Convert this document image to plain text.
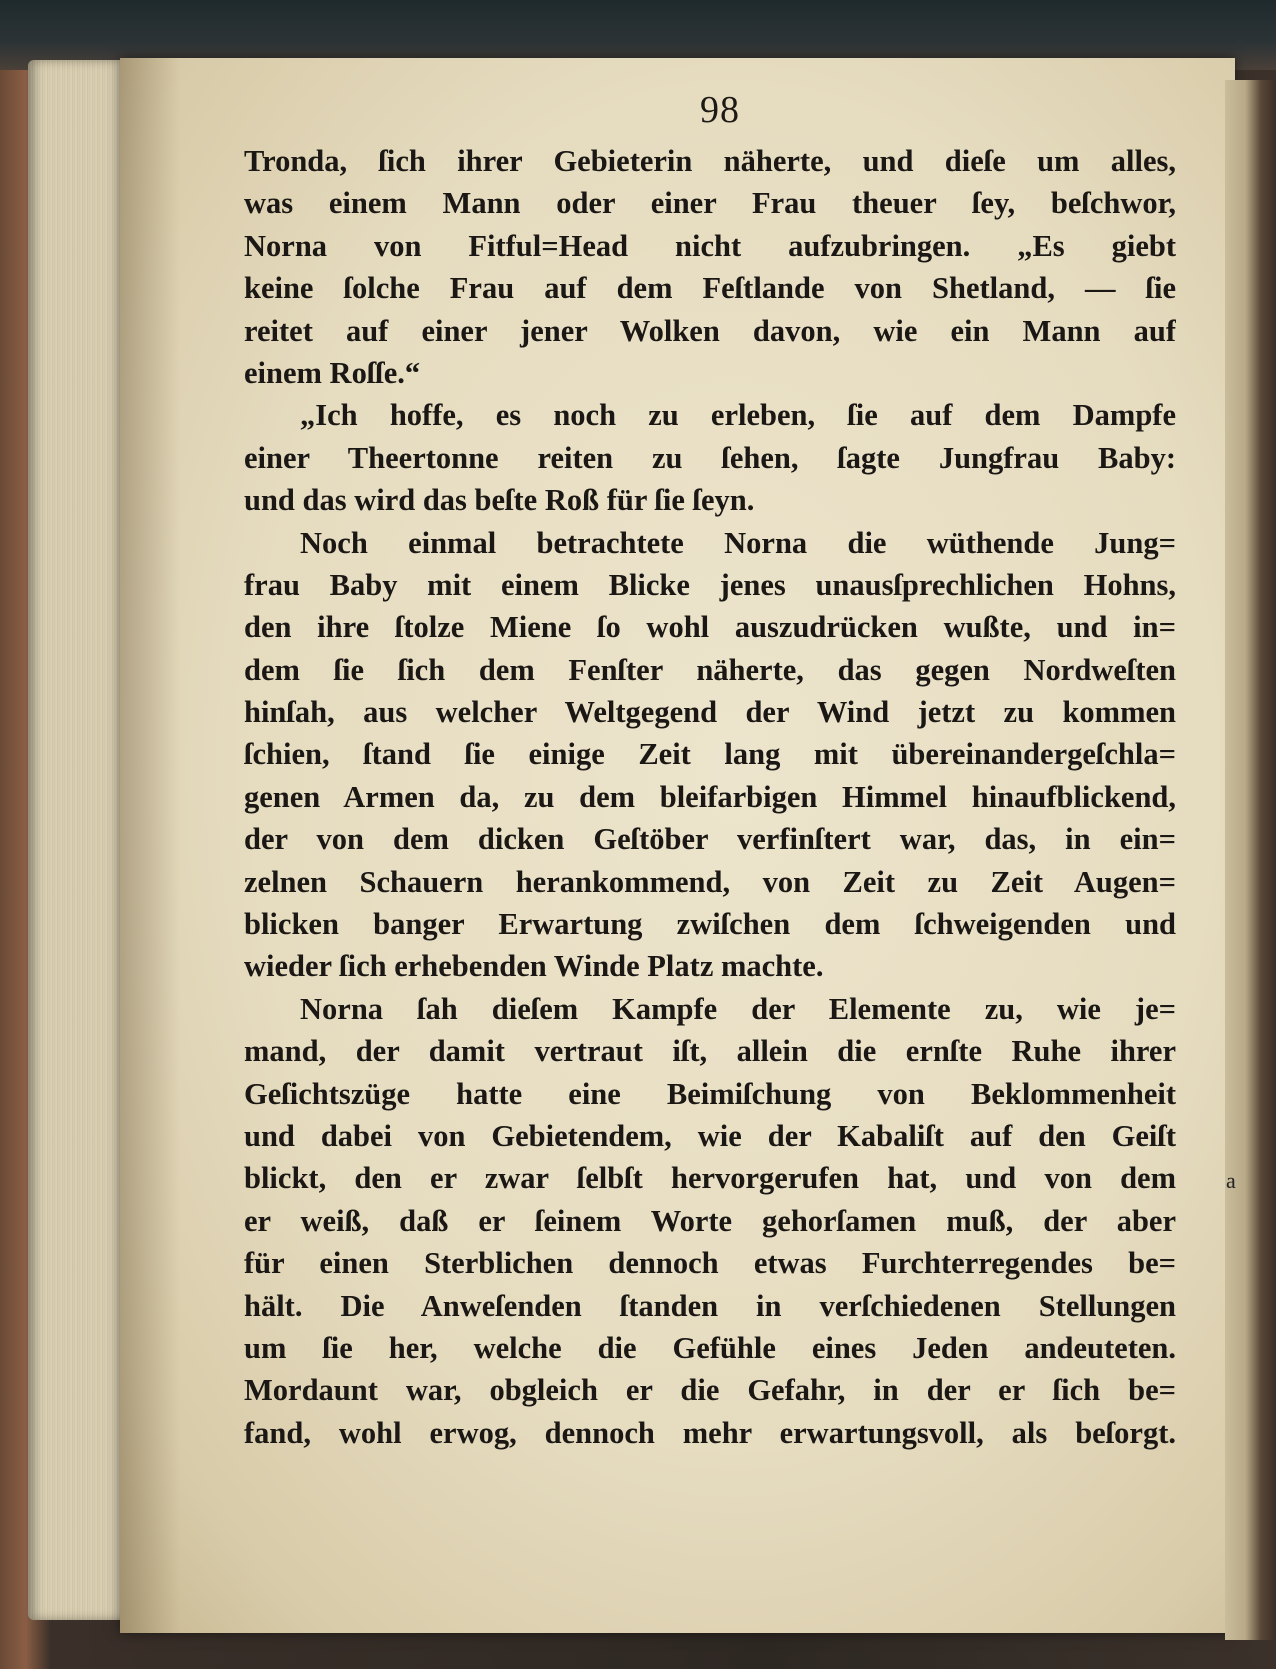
a
98
Tronda, ſich ihrer Gebieterin näherte, und dieſe um alles,
was einem Mann oder einer Frau theuer ſey, beſchwor,
Norna von Fitful=Head nicht aufzubringen. „Es giebt
keine ſolche Frau auf dem Feſtlande von Shetland, — ſie
reitet auf einer jener Wolken davon, wie ein Mann auf
einem Roſſe.“
„Ich hoffe, es noch zu erleben, ſie auf dem Dampfe
einer Theertonne reiten zu ſehen, ſagte Jungfrau Baby:
und das wird das beſte Roß für ſie ſeyn.
Noch einmal betrachtete Norna die wüthende Jung=
frau Baby mit einem Blicke jenes unausſprechlichen Hohns,
den ihre ſtolze Miene ſo wohl auszudrücken wußte, und in=
dem ſie ſich dem Fenſter näherte, das gegen Nordweſten
hinſah, aus welcher Weltgegend der Wind jetzt zu kommen
ſchien, ſtand ſie einige Zeit lang mit übereinandergeſchla=
genen Armen da, zu dem bleifarbigen Himmel hinaufblickend,
der von dem dicken Geſtöber verfinſtert war, das, in ein=
zelnen Schauern herankommend, von Zeit zu Zeit Augen=
blicken banger Erwartung zwiſchen dem ſchweigenden und
wieder ſich erhebenden Winde Platz machte.
Norna ſah dieſem Kampfe der Elemente zu, wie je=
mand, der damit vertraut iſt, allein die ernſte Ruhe ihrer
Geſichtszüge hatte eine Beimiſchung von Beklommenheit
und dabei von Gebietendem, wie der Kabaliſt auf den Geiſt
blickt, den er zwar ſelbſt hervorgerufen hat, und von dem
er weiß, daß er ſeinem Worte gehorſamen muß, der aber
für einen Sterblichen dennoch etwas Furchterregendes be=
hält. Die Anweſenden ſtanden in verſchiedenen Stellungen
um ſie her, welche die Gefühle eines Jeden andeuteten.
Mordaunt war, obgleich er die Gefahr, in der er ſich be=
fand, wohl erwog, dennoch mehr erwartungsvoll, als beſorgt.
